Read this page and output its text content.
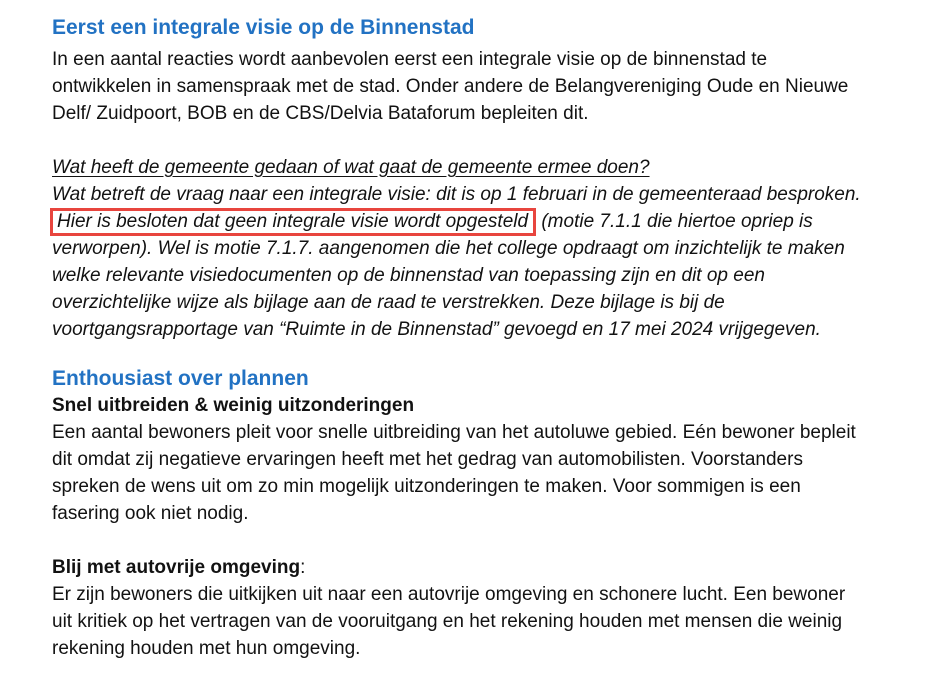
Eerst een integrale visie op de Binnenstad

In een aantal reacties wordt aanbevolen eerst een integrale visie op de binnenstad te ontwikkelen in samenspraak met de stad. Onder andere de Belangvereniging Oude en Nieuwe Delf/ Zuidpoort, BOB en de CBS/Delvia Bataforum bepleiten dit.

Wat heeft de gemeente gedaan of wat gaat de gemeente ermee doen?

Wat betreft de vraag naar een integrale visie: dit is op 1 februari in de gemeenteraad besproken. Hier is besloten dat geen integrale visie wordt opgesteld (motie 7.1.1 die hiertoe opriep is verworpen). Wel is motie 7.1.7. aangenomen die het college opdraagt om inzichtelijk te maken welke relevante visiedocumenten op de binnenstad van toepassing zijn en dit op een overzichtelijke wijze als bijlage aan de raad te verstrekken. Deze bijlage is bij de voortgangsrapportage van “Ruimte in de Binnenstad” gevoegd en 17 mei 2024 vrijgegeven.

Enthousiast over plannen
Snel uitbreiden & weinig uitzonderingen

Een aantal bewoners pleit voor snelle uitbreiding van het autoluwe gebied. Eén bewoner bepleit dit omdat zij negatieve ervaringen heeft met het gedrag van automobilisten. Voorstanders spreken de wens uit om zo min mogelijk uitzonderingen te maken. Voor sommigen is een fasering ook niet nodig.

Blij met autovrije omgeving:

Er zijn bewoners die uitkijken uit naar een autovrije omgeving en schonere lucht. Een bewoner uit kritiek op het vertragen van de vooruitgang en het rekening houden met mensen die weinig rekening houden met hun omgeving.
